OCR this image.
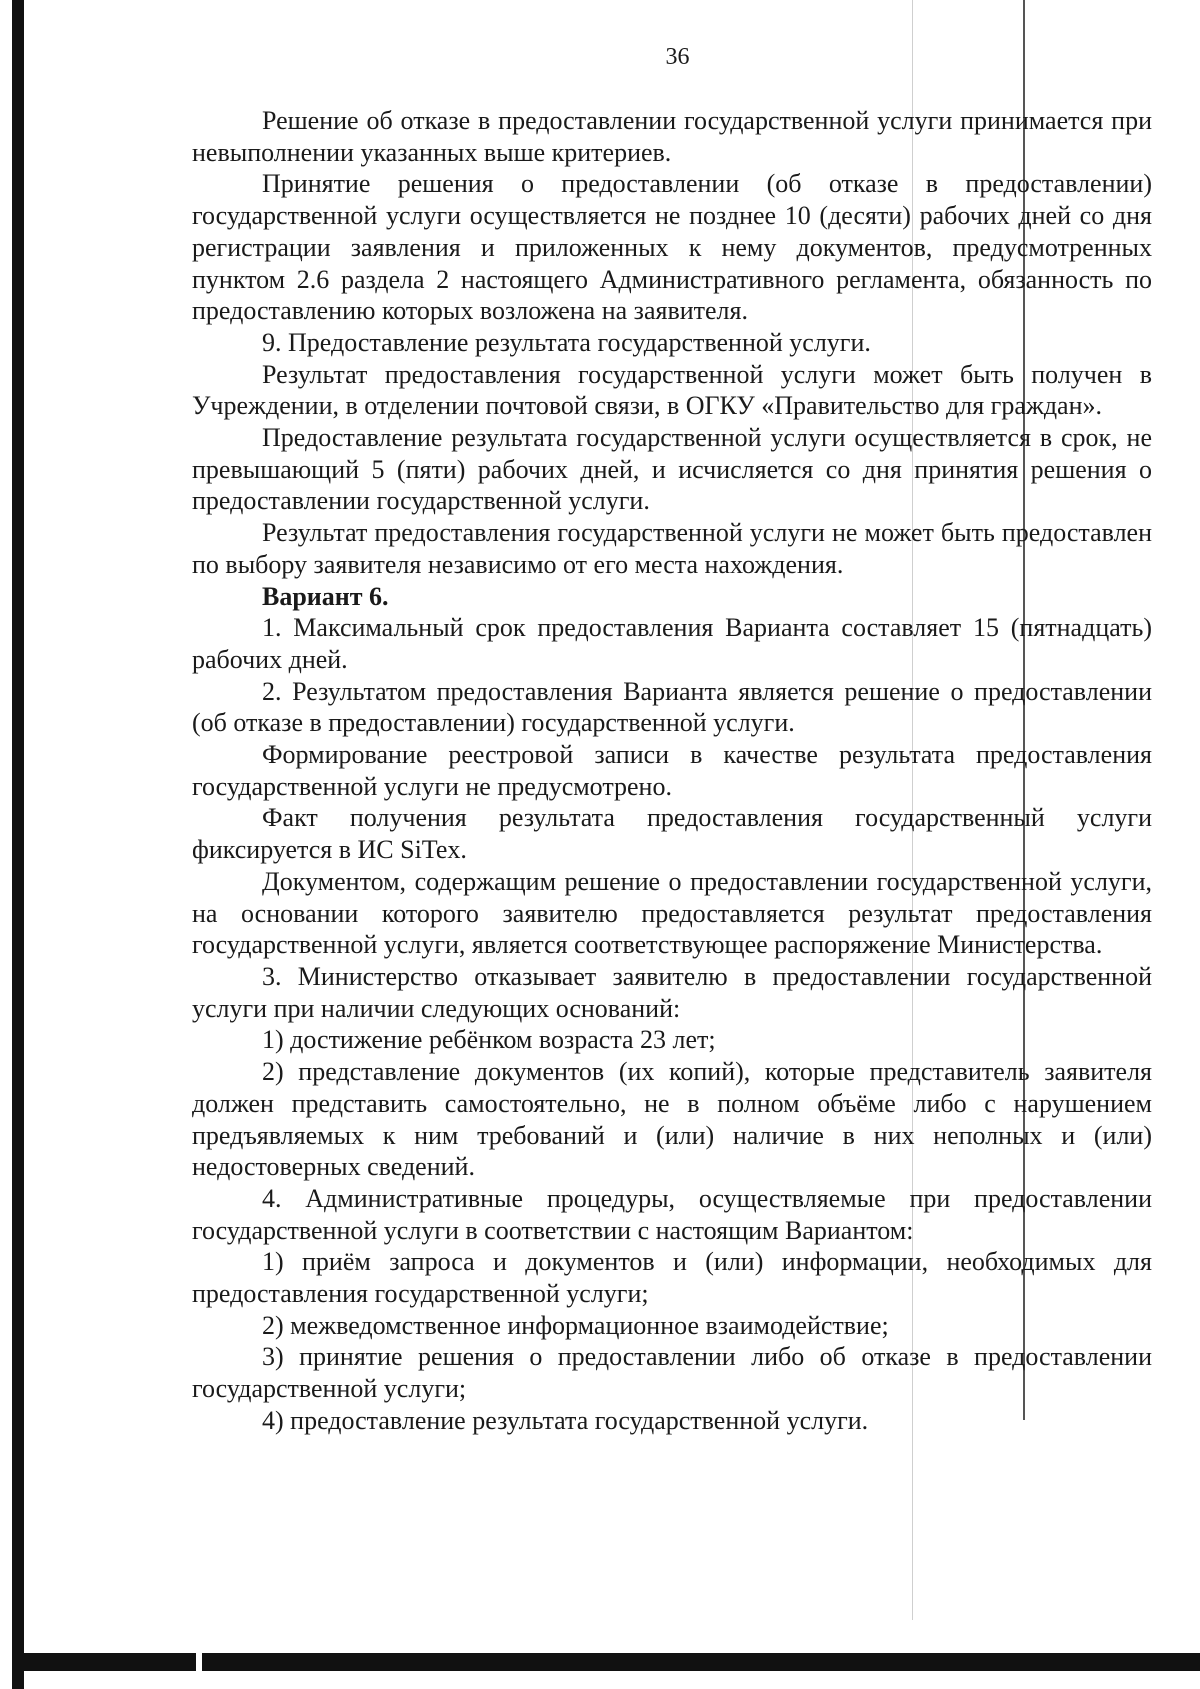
36

Решение об отказе в предоставлении государственной услуги принимается при невыполнении указанных выше критериев.

Принятие решения о предоставлении (об отказе в предоставлении) государственной услуги осуществляется не позднее 10 (десяти) рабочих дней со дня регистрации заявления и приложенных к нему документов, предусмотренных пунктом 2.6 раздела 2 настоящего Административного регламента, обязанность по предоставлению которых возложена на заявителя.

9. Предоставление результата государственной услуги.

Результат предоставления государственной услуги может быть получен в Учреждении, в отделении почтовой связи, в ОГКУ «Правительство для граждан».

Предоставление результата государственной услуги осуществляется в срок, не превышающий 5 (пяти) рабочих дней, и исчисляется со дня принятия решения о предоставлении государственной услуги.

Результат предоставления государственной услуги не может быть предоставлен по выбору заявителя независимо от его места нахождения.

Вариант 6.

1. Максимальный срок предоставления Варианта составляет 15 (пятнадцать) рабочих дней.

2. Результатом предоставления Варианта является решение о предоставлении (об отказе в предоставлении) государственной услуги.

Формирование реестровой записи в качестве результата предоставления государственной услуги не предусмотрено.

Факт получения результата предоставления государственный услуги фиксируется в ИС SiTex.

Документом, содержащим решение о предоставлении государственной услуги, на основании которого заявителю предоставляется результат предоставления государственной услуги, является соответствующее распоряжение Министерства.

3. Министерство отказывает заявителю в предоставлении государственной услуги при наличии следующих оснований:

1) достижение ребёнком возраста 23 лет;

2) представление документов (их копий), которые представитель заявителя должен представить самостоятельно, не в полном объёме либо с нарушением предъявляемых к ним требований и (или) наличие в них неполных и (или) недостоверных сведений.

4. Административные процедуры, осуществляемые при предоставлении государственной услуги в соответствии с настоящим Вариантом:

1) приём запроса и документов и (или) информации, необходимых для предоставления государственной услуги;

2) межведомственное информационное взаимодействие;

3) принятие решения о предоставлении либо об отказе в предоставлении государственной услуги;

4) предоставление результата государственной услуги.
